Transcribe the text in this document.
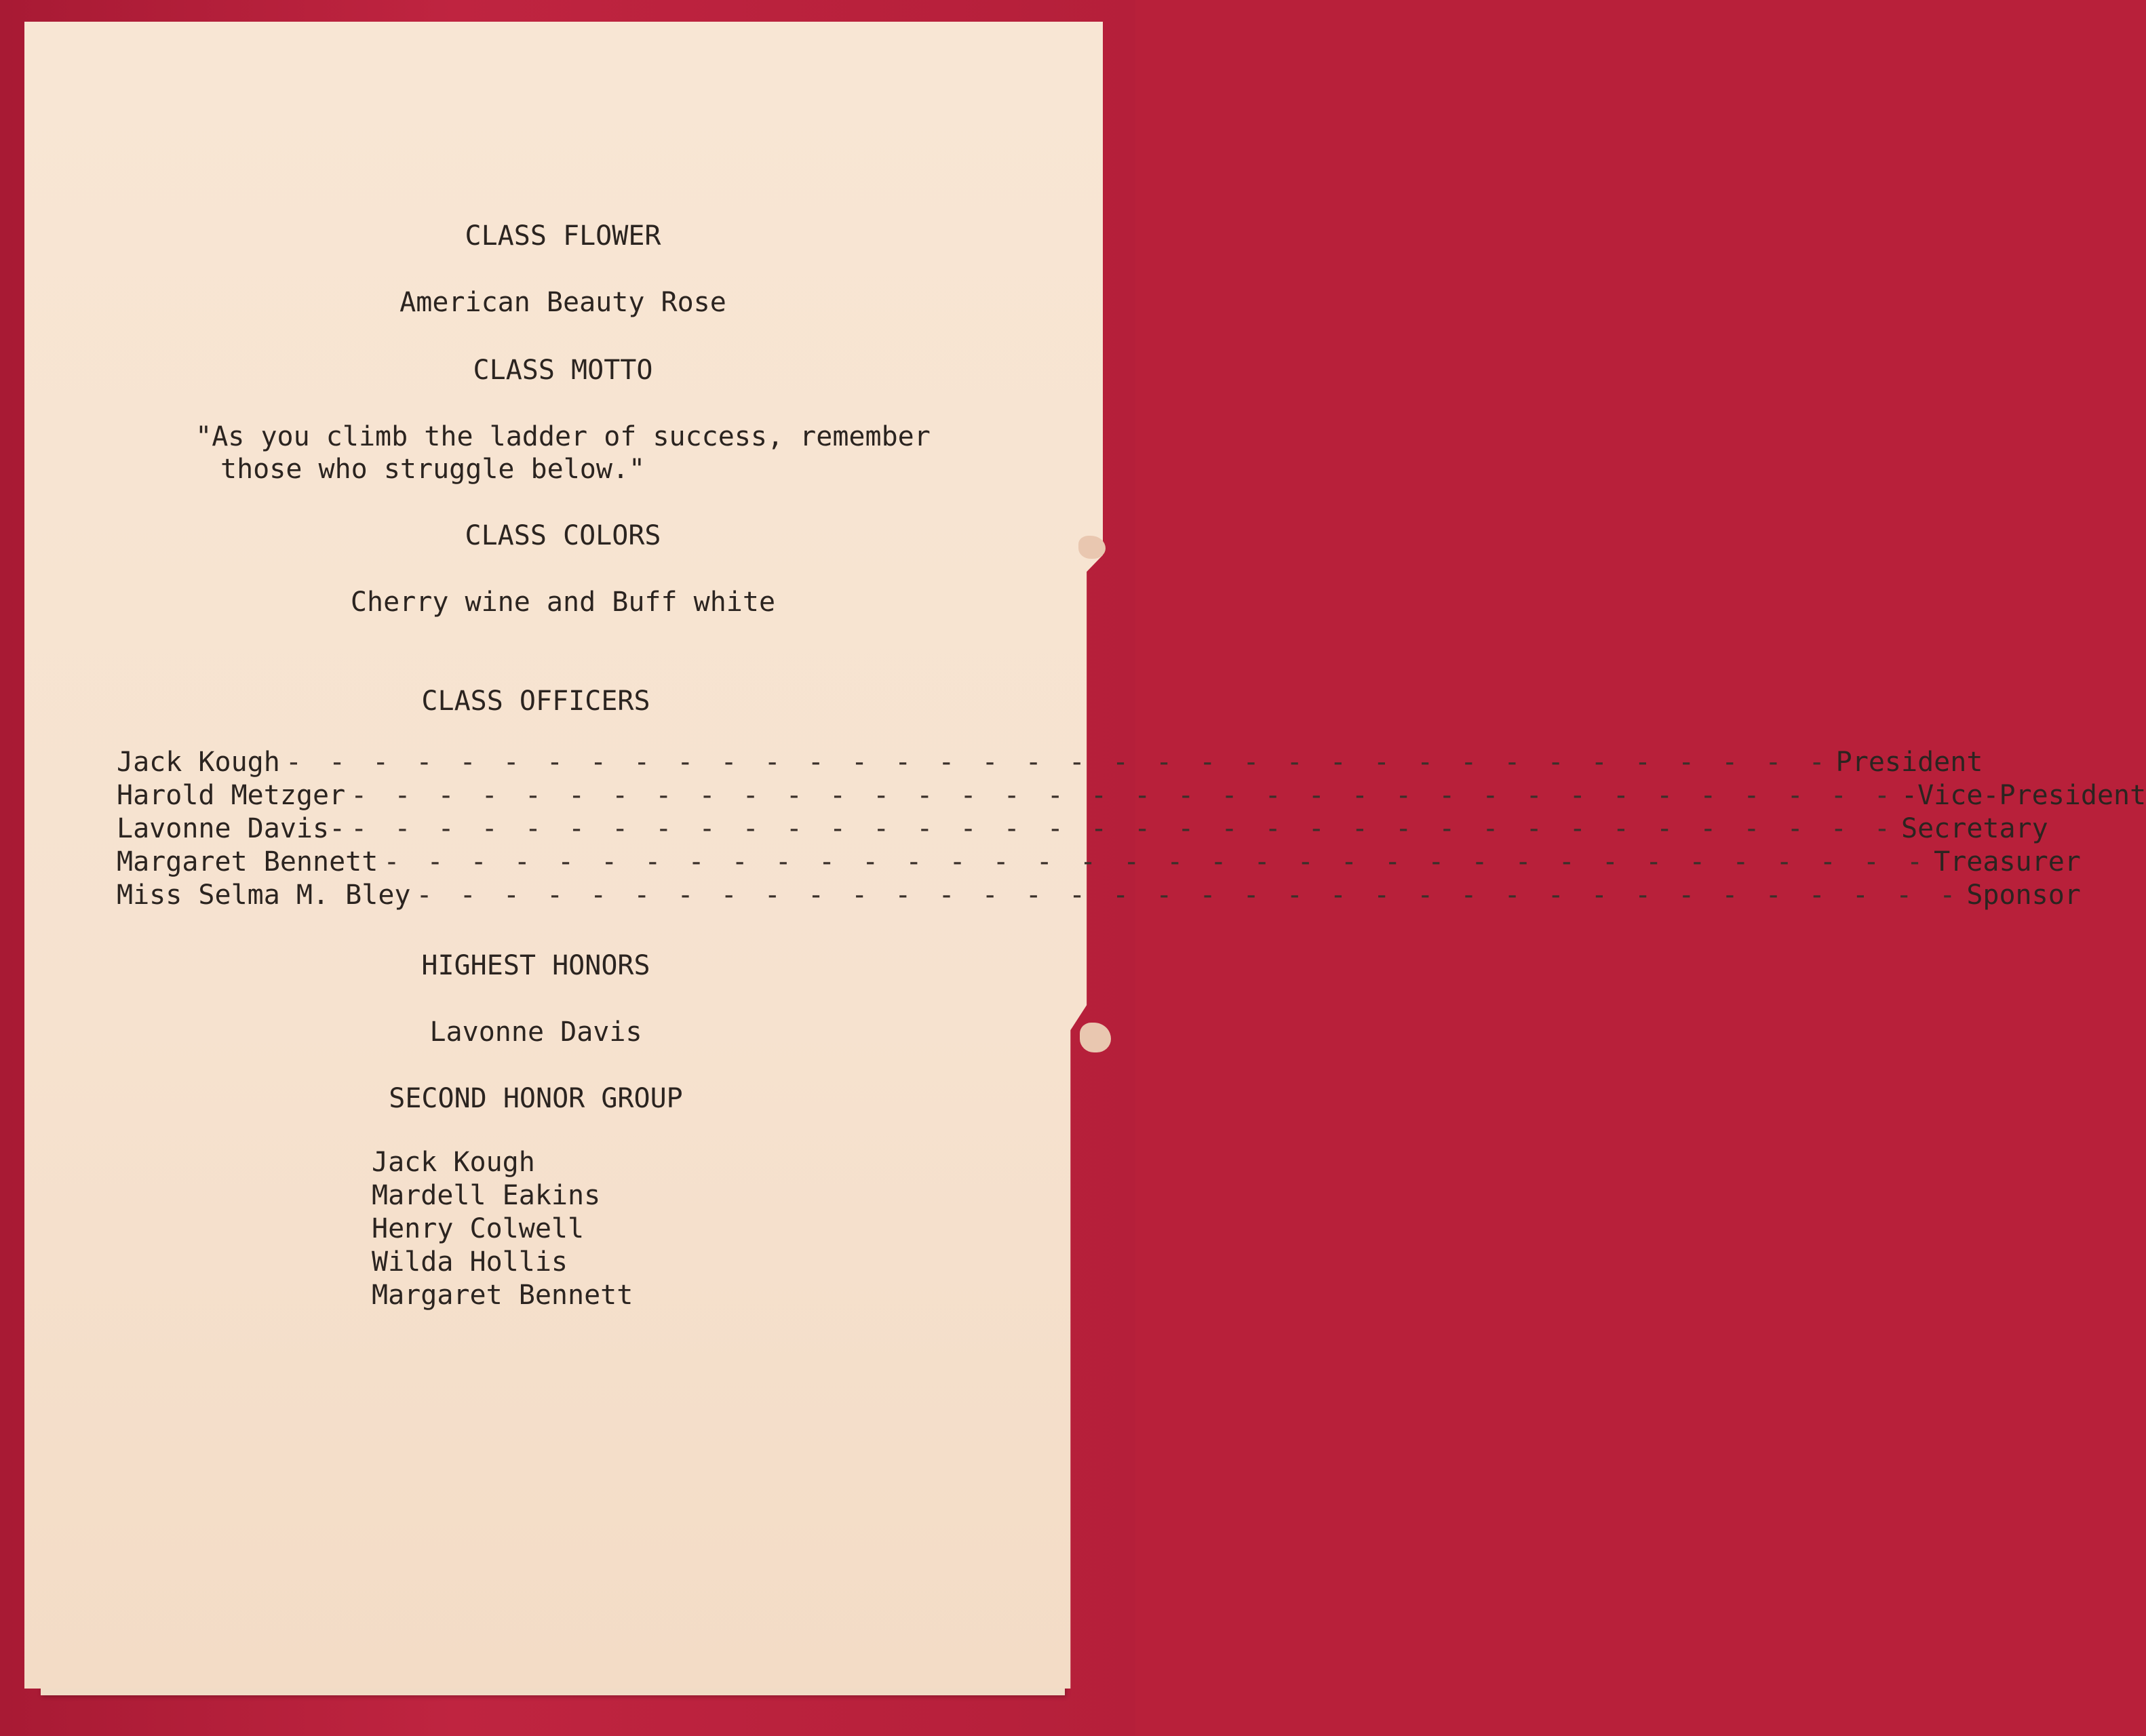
CLASS FLOWER
American Beauty Rose
CLASS MOTTO
"As you climb the ladder of success, remember
those who struggle below."
CLASS COLORS
Cherry wine and Buff white
CLASS OFFICERS
Jack Kough - - - - - - - - - - - - - - - - - - - - - - - - - - - - - - - - - - - - President
Harold Metzger - - - - - - - - - - - - - - - - - - - - - - - - - - - - - - - - - - - - -Vice-President
Lavonne Davis- - - - - - - - - - - - - - - - - - - - - - - - - - - - - - - - - - - - - Secretary
Margaret Bennett - - - - - - - - - - - - - - - - - - - - - - - - - - - - - - - - - - - - Treasurer
Miss Selma M. Bley - - - - - - - - - - - - - - - - - - - - - - - - - - - - - - - - - - - - Sponsor
HIGHEST HONORS
Lavonne Davis
SECOND HONOR GROUP
Jack Kough
Mardell Eakins
Henry Colwell
Wilda Hollis
Margaret Bennett
